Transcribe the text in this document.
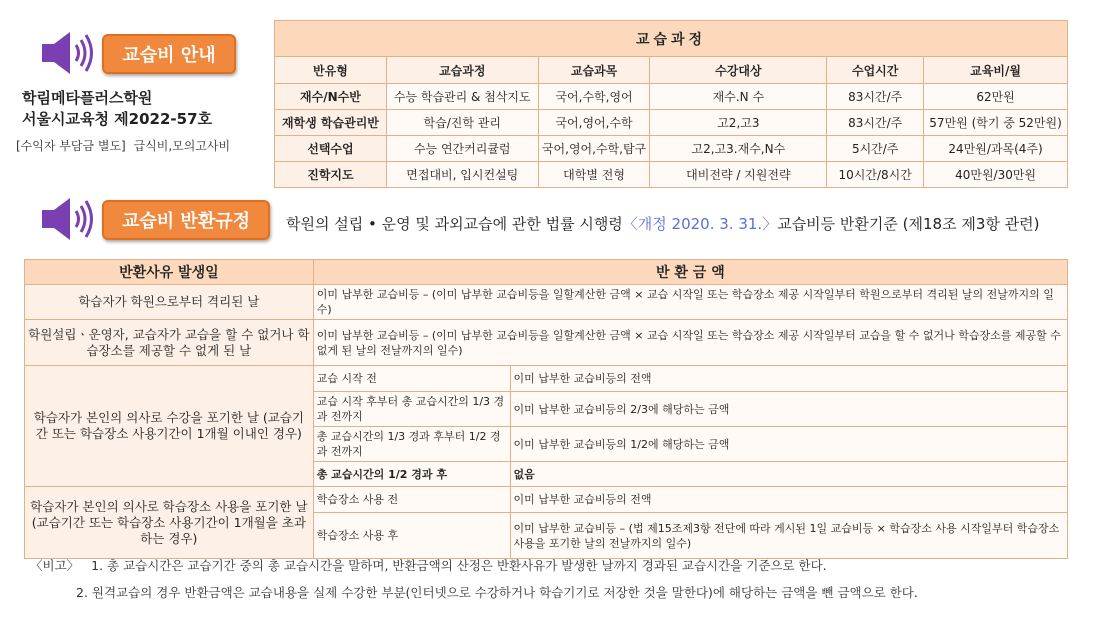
교습비 안내
학림메타플러스학원
서울시교육청 제2022-57호
[수익자 부담금 별도] 급식비,모의고사비
교습과정					
반유형	교습과정	교습과목	수강대상	수업시간	교육비/월
재수/N수반	수능 학습관리 & 첨삭지도	국어,수학,영어	재수.N 수	83시간/주	62만원
재학생 학습관리반	학습/진학 관리	국어,영어,수학	고2,고3	83시간/주	57만원 (학기 중 52만원)
선택수업	수능 연간커리큘럼	국어,영어,수학,탐구	고2,고3.재수,N수	5시간/주	24만원/과목(4주)
진학지도	면접대비, 입시컨설팅	대학별 전형	대비전략 / 지원전략	10시간/8시간	40만원/30만원
교습비 반환규정	학원의 설립 • 운영 및 과외교습에 관한 법률 시행령〈개정 2020. 3. 31.〉교습비등 반환기준 (제18조 제3항 관련)
반환사유 발생일	반 환 금 액	
학습자가 학원으로부터 격리된 날	이미 납부한 교습비등 – (이미 납부한 교습비등을 일할계산한 금액 × 교습 시작일 또는 학습장소 제공 시작일부터 학원으로부터 격리된 날의 전날까지의 일수)	
학원설립ㆍ운영자, 교습자가 교습을 할 수 없거나 학습장소를 제공할 수 없게 된 날	이미 납부한 교습비등 – (이미 납부한 교습비등을 일할계산한 금액 × 교습 시작일 또는 학습장소 제공 시작일부터 교습을 할 수 없거나 학습장소를 제공할 수 없게 된 날의 전날까지의 일수)	
학습자가 본인의 의사로 수강을 포기한 날 (교습기간 또는 학습장소 사용기간이 1개월 이내인 경우)	교습 시작 전	이미 납부한 교습비등의 전액
	교습 시작 후부터 총 교습시간의 1/3 경과 전까지	이미 납부한 교습비등의 2/3에 해당하는 금액
	총 교습시간의 1/3 경과 후부터 1/2 경과 전까지	이미 납부한 교습비등의 1/2에 해당하는 금액
	총 교습시간의 1/2 경과 후	없음
학습자가 본인의 의사로 학습장소 사용을 포기한 날 (교습기간 또는 학습장소 사용기간이 1개월을 초과하는 경우)	학습장소 사용 전	이미 납부한 교습비등의 전액
	학습장소 사용 후	이미 납부한 교습비등 – (법 제15조제3항 전단에 따라 게시된 1일 교습비등 × 학습장소 사용 시작일부터 학습장소 사용을 포기한 날의 전날까지의 일수)
〈비고〉 1. 총 교습시간은 교습기간 중의 총 교습시간을 말하며, 반환금액의 산정은 반환사유가 발생한 날까지 경과된 교습시간을 기준으로 한다.
2. 원격교습의 경우 반환금액은 교습내용을 실제 수강한 부분(인터넷으로 수강하거나 학습기기로 저장한 것을 말한다)에 해당하는 금액을 뺀 금액으로 한다.
